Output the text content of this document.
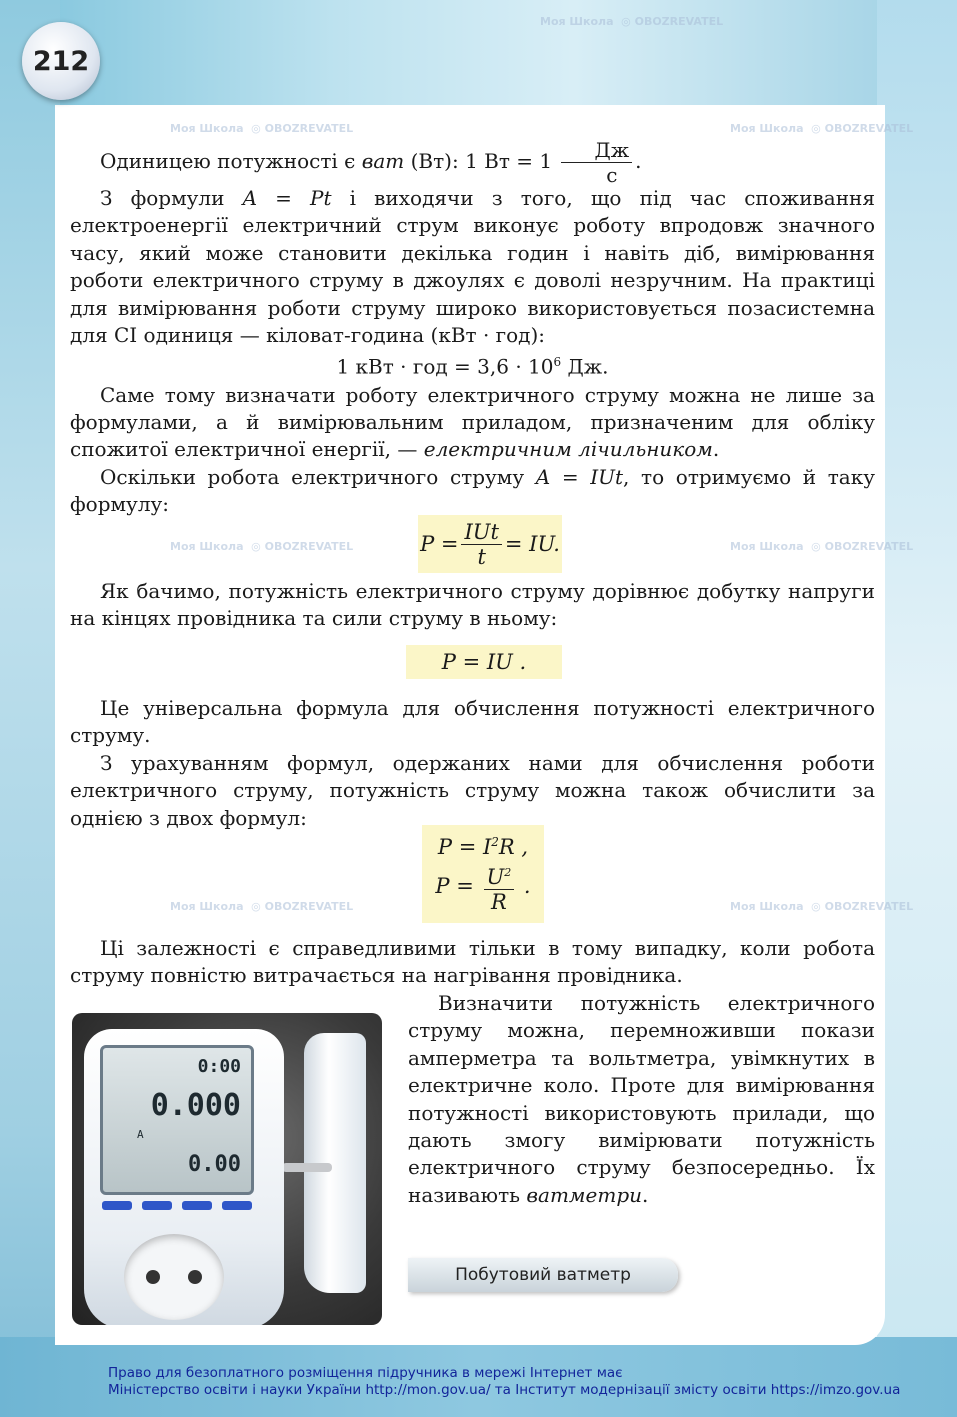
Моя Школа  ◎ OBOZREVATEL	Моя Школа  ◎ OBOZREVATEL
Моя Школа  ◎ OBOZREVATEL
Моя Школа  ◎ OBOZREVATEL	Моя Школа  ◎ OBOZREVATEL
Моя Школа  ◎ OBOZREVATEL	Моя Школа  ◎ OBOZREVATEL
212

Одиницею потужності є ват (Вт): 1 Вт = $1 \frac{Дж}{с}$ .

З формули A = Pt і виходячи з того, що під час споживання електроенергії електричний струм виконує роботу впродовж значного часу, який може становити декілька годин і навіть діб, вимірювання роботи електричного струму в джоулях є доволі незручним. На практиці для вимірювання роботи струму широко використовується позасистемна для СІ одиниця — кіловат-година (кВт · год):

1 кВт · год = $3,6 \cdot 10^6$ Дж.

Саме тому визначати роботу електричного струму можна не лише за формулами, а й вимірювальним приладом, призначеним для обліку спожитої електричної енергії, — електричним лічильником.

Оскільки робота електричного струму A = IUt, то отримуємо й таку формулу:

$P = \frac{\text{IUt}}{t}$ = IU.

Як бачимо, потужність електричного струму дорівнює добутку напруги на кінцях провідника та сили струму в ньому:

P = IU .

Це універсальна формула для обчислення потужності електричного струму.

З урахуванням формул, одержаних нами для обчислення роботи електричного струму, потужність струму можна також обчислити за однією з двох формул:

$P = I^2R$ ,
$P = \frac{U^2}{R}$ .

Ці залежності є справедливими тільки в тому випадку, коли робота струму повністю витрачається на нагрівання провідника.

Визначити потужність електричного струму можна, перемноживши покази амперметра та вольтметра, увімкнутих в електричне коло. Проте для вимірювання потужності використовують прилади, що дають змогу вимірювати потужність електричного струму безпосередньо. Їх називають ватметри.

0:00
0.000
A
0.00
Побутовий ватметр
Право для безоплатного розміщення підручника в мережі Інтернет має
Міністерство освіти і науки України http://mon.gov.ua/ та Інститут модернізації змісту освіти https://imzo.gov.ua
